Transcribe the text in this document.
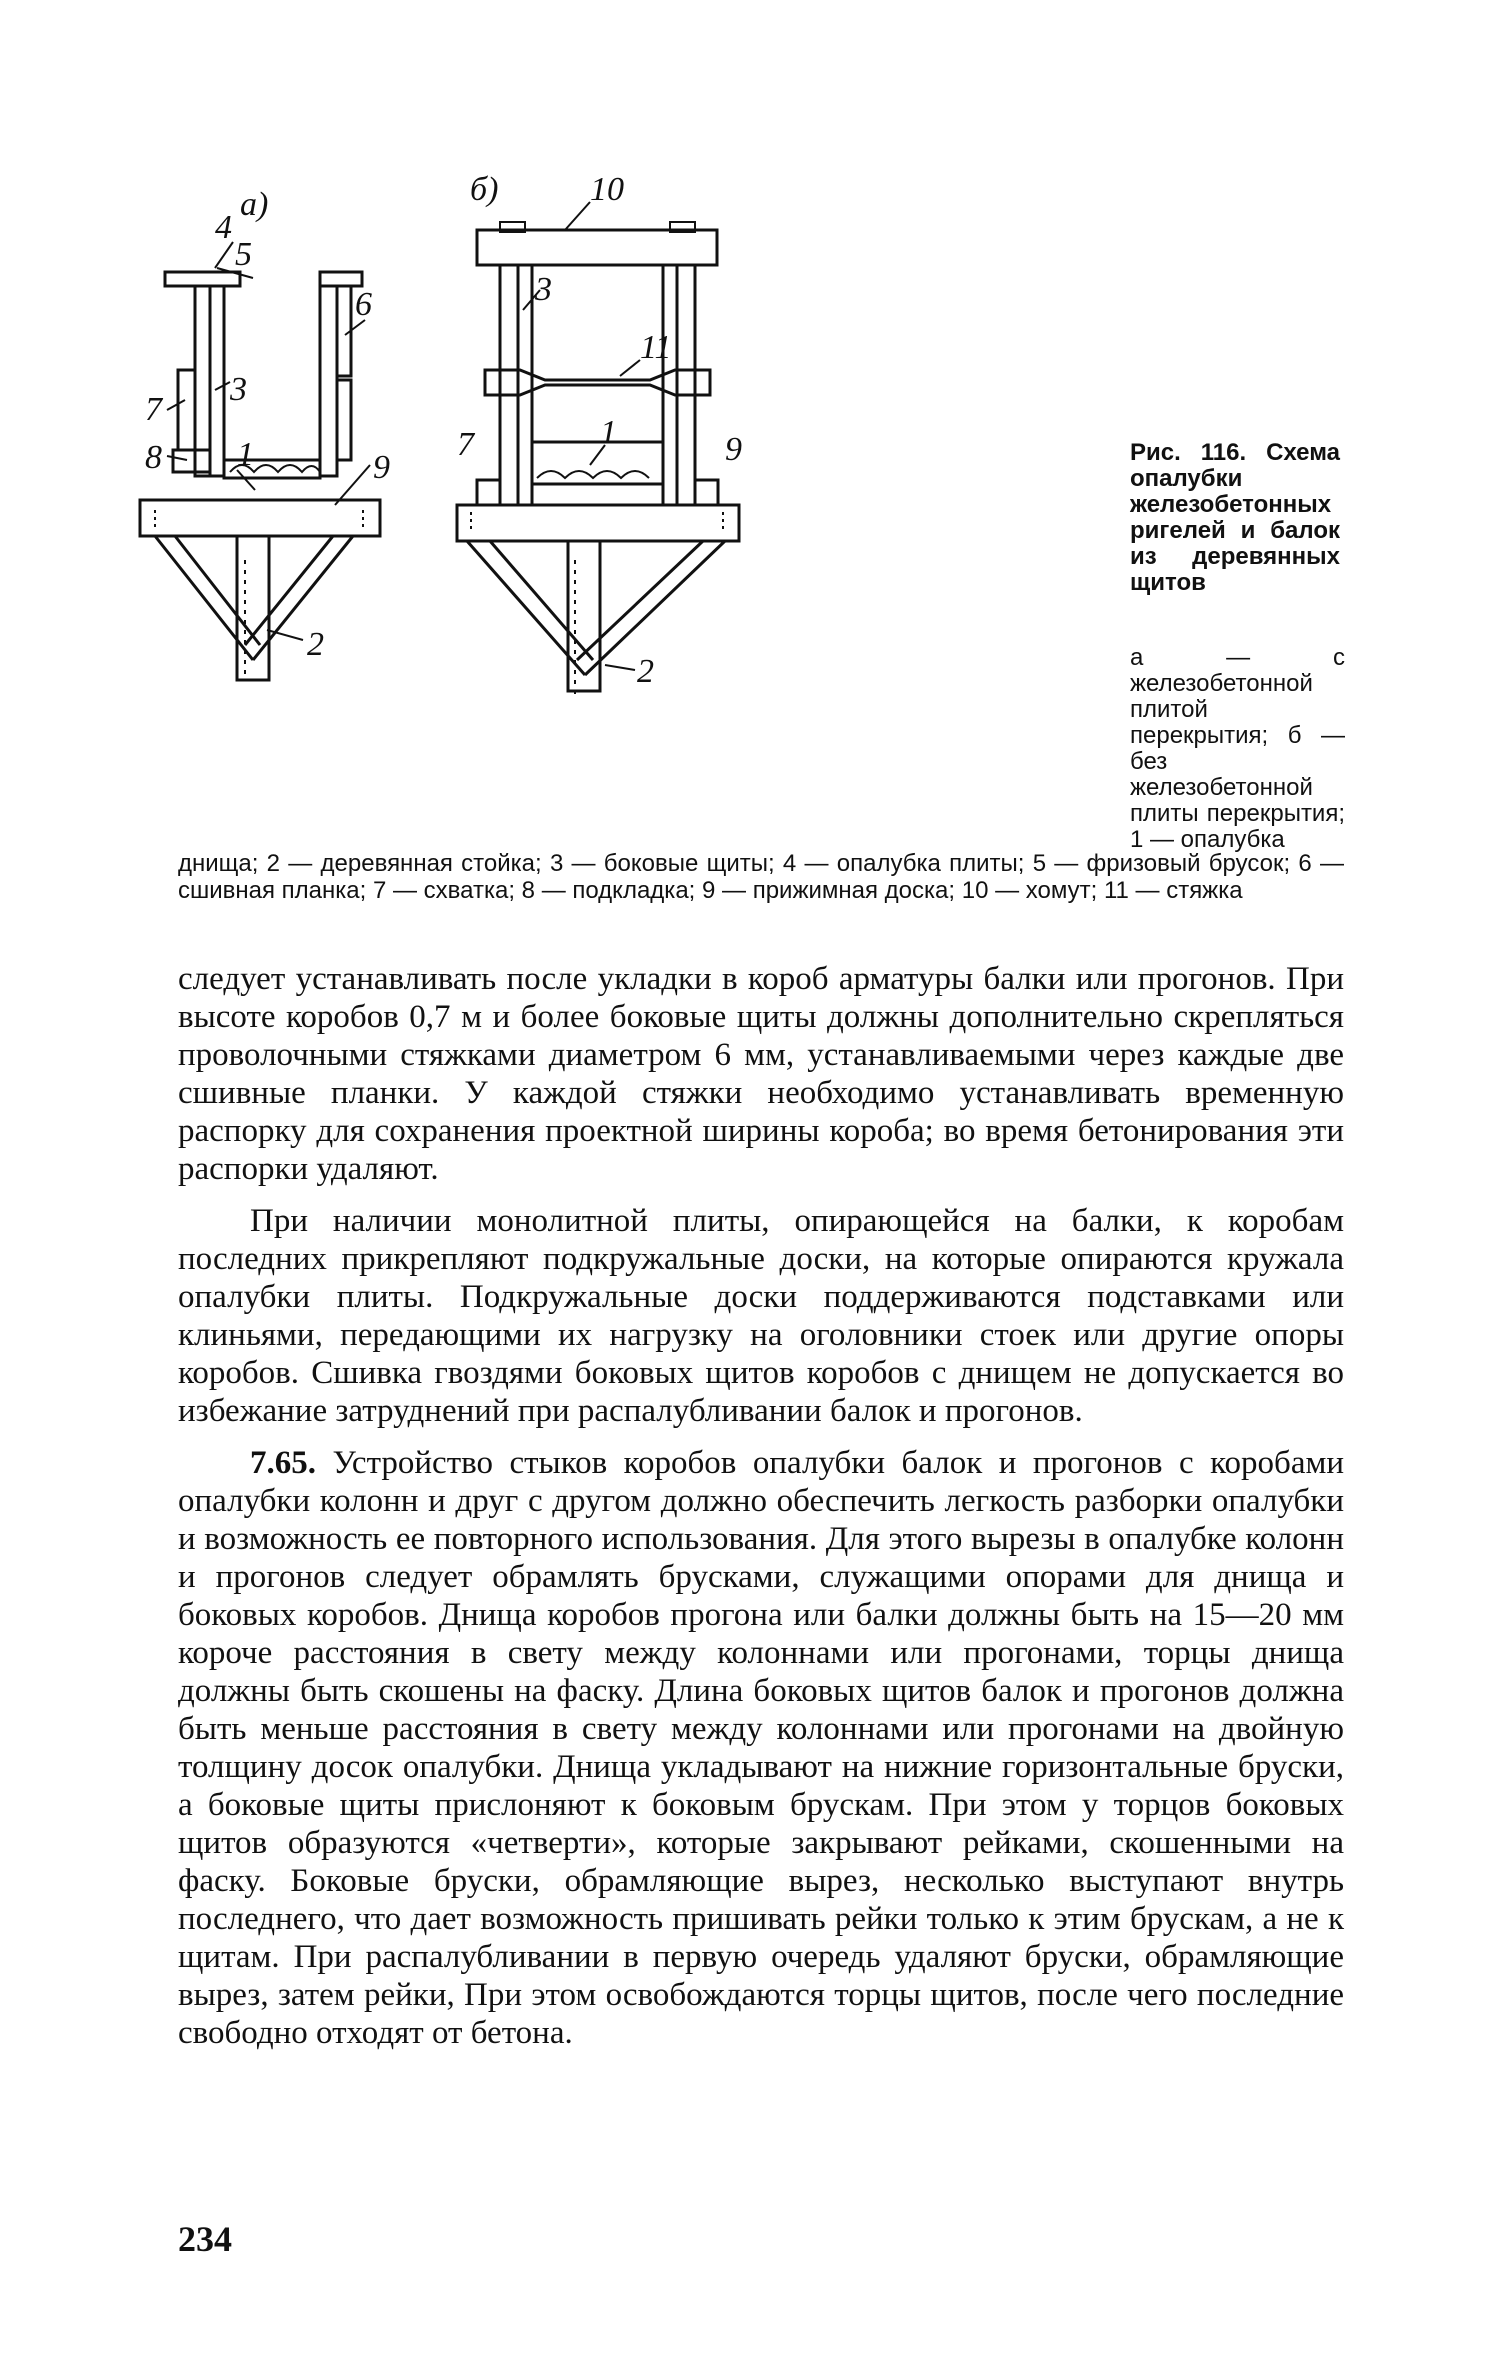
a)
4
5
3
6
7
8 1	9
2
б)	10
3
11
7	1	9
2
Рис. 116. Схема опалубки железобетонных ригелей и балок из деревянных щитов
а — с железобетонной плитой перекрытия; б — без железобетонной плиты перекрытия; 1 — опалубка
днища; 2 — деревянная стойка; 3 — боковые щиты; 4 — опалубка плиты; 5 — фризовый брусок; 6 — сшивная планка; 7 — схватка; 8 — подкладка; 9 — прижимная доска; 10 — хомут; 11 — стяжка

следует устанавливать после укладки в короб арматуры балки или прогонов. При высоте коробов 0,7 м и более боковые щиты должны дополнительно скрепляться проволочными стяжками диаметром 6 мм, устанавливаемыми через каждые две сшивные планки. У каждой стяжки необходимо устанавливать временную распорку для сохранения проектной ширины короба; во время бетонирования эти распорки удаляют.

При наличии монолитной плиты, опирающейся на балки, к коробам последних прикрепляют подкружальные доски, на которые опираются кружала опалубки плиты. Подкружальные доски поддерживаются подставками или клиньями, передающими их нагрузку на оголовники стоек или другие опоры коробов. Сшивка гвоздями боковых щитов коробов с днищем не допускается во избежание затруднений при распалубливании балок и прогонов.

7.65. Устройство стыков коробов опалубки балок и прогонов с коробами опалубки колонн и друг с другом должно обеспечить легкость разборки опалубки и возможность ее повторного использования. Для этого вырезы в опалубке колонн и прогонов следует обрамлять брусками, служащими опорами для днища и боковых коробов. Днища коробов прогона или балки должны быть на 15—20 мм короче расстояния в свету между колоннами или прогонами, торцы днища должны быть скошены на фаску. Длина боковых щитов балок и прогонов должна быть меньше расстояния в свету между колоннами или прогонами на двойную толщину досок опалубки. Днища укладывают на нижние горизонтальные бруски, а боковые щиты прислоняют к боковым брускам. При этом у торцов боковых щитов образуются «четверти», которые закрывают рейками, скошенными на фаску. Боковые бруски, обрамляющие вырез, несколько выступают внутрь последнего, что дает возможность пришивать рейки только к этим брускам, а не к щитам. При распалубливании в первую очередь удаляют бруски, обрамляющие вырез, затем рейки, При этом освобождаются торцы щитов, после чего последние свободно отходят от бетона.

234
